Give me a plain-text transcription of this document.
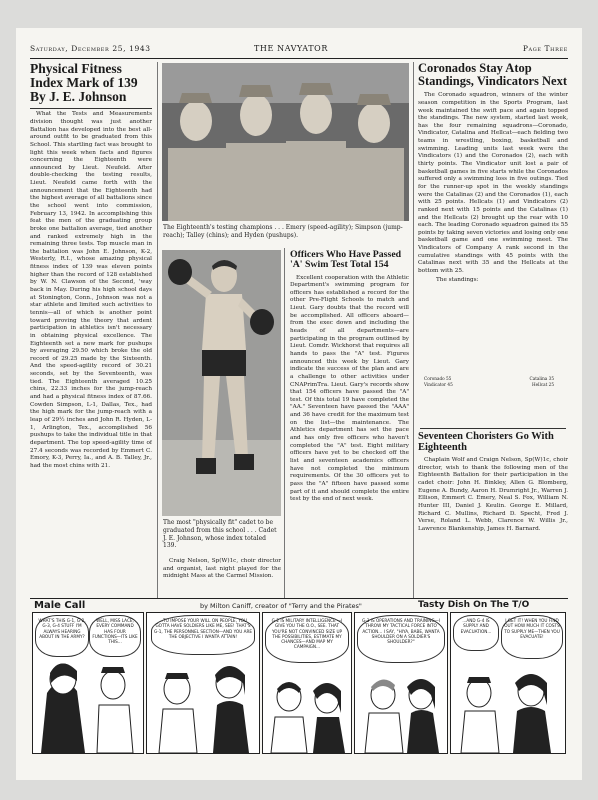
Saturday, December 25, 1943	THE NAVYATOR	Page Three
Physical Fitness Index Mark of 139 By J. E. Johnson

What the Tests and Measurements division thought was just another Battalion has developed into the best all-around outfit to be graduated from this School. This startling fact was brought to light this week when facts and figures concerning the Eighteenth were announced by Lieut. Neufeld. After double-checking the testing results, Lieut. Neufeld came forth with the announcement that the Eighteenth had the highest average of all battalions since the school went into commission, February 13, 1942. In accomplishing this feat the men of the graduating group broke one battalion average, tied another and ranked extremely high in the remaining three tests. Top muscle man in the battalion was John E. Johnson, K-2, Westerly, R.I., whose amazing physical fitness index of 139 was eleven points higher than the record of 128 established by W. N. Clawson of the Second, 'way back in May. During his high school days at Stonington, Conn., Johnson was not a star athlete and limited such activities to tennis—all of which is another point toward proving the theory that ardent participation in athletics isn't necessary in obtaining physical excellence. The Eighteenth set a new mark for pushups by averaging 29.50 which broke the old record of 29.25 made by the Sixteenth. And the speed-agility record of 30.21 seconds, set by the Seventeenth, was tied. The Eighteenth averaged 10.25 chins, 22.33 inches for the jump-reach and had a physical fitness index of 87.66. Cowden Simpson, L-1, Dallas, Tex., had the high mark for the jump-reach with a leap of 29½ inches and John R. Hyden, L-1, Arlington, Tex., accomplished 56 pushups to take the individual title in that department. The top speed-agility time of 27.4 seconds was recorded by Emmert C. Emory, K-3, Perry, Ia., and A. B. Talley, Jr., had the most chins with 21.

The Eighteenth's testing champions . . . Emery (speed-agility); Simpson (jump-reach); Talley (chins); and Hyden (pushups).
The most "physically fit" cadet to be graduated from this school . . . Cadet J. E. Johnson, whose index totaled 139.

Craig Nelson, Sp(W)1c, choir director and organist, last night played for the midnight Mass at the Carmel Mission.

Officers Who Have Passed 'A' Swim Test Total 154

Excellent cooperation with the Athletic Department's swimming program for officers has established a record for the other Pre-Flight Schools to match and Lieut. Gary doubts that the record will be accomplished. All officers aboard—from the exec down and including the heads of all departments—are participating in the program outlined by Lieut. Comdr. Wickhorst that requires all hands to pass the "A" test. Figures announced this week by Lieut. Gary indicate the success of the plan and are a challenge to other activities under CNAPrimTra. Lieut. Gary's records show that 154 officers have passed the "A" test. Of this total 19 have completed the "AA." Seventeen have passed the "AAA" and 36 have credit for the maximum test on the list—the maintenance. The Athletics department has set the pace and has only five officers who haven't completed the "A" test. Eight military officers have yet to be checked off the list and seventeen academics officers have not completed the minimum requirements. Of the 30 officers yet to pass the "A" fifteen have passed some part of it and should complete the entire test by the end of next week.

Coronados Stay Atop Standings, Vindicators Next

The Coronado squadron, winners of the winter season competition in the Sports Program, last week maintained the swift pace and again topped the standings. The new system, started last week, has the four remaining squadrons—Coronado, Vindicator, Catalina and Hellcat—each fielding two teams in wrestling, boxing, basketball and swimming. Leading units last week were the Vindicators (1) and the Coronados (2), each with thirty points. The Vindicator unit lost a pair of basketball games in five starts while the Coronados suffered only a swimming loss in five outings. Tied for the runner-up spot in the weekly standings were the Catalinas (2) and the Coronados (1), each with 25 points. Hellcats (1) and Vindicators (2) ranked next with 15 points and the Catalinas (1) and the Hellcats (2) brought up the rear with 10 each. The leading Coronado squadron gained its 55 points by taking seven victories and losing only one basketball game and one swimming meet. The Vindicators of Company A rank second in the cumulative standings with 45 points with the Catalinas next with 35 and the Hellcats at the bottom with 25.

The standings:

Coronado 55	Catalina 35
Vindicator 45	Hellcat 25
Seventeen Choristers Go With Eighteenth

Chaplain Wolf and Craign Nelson, Sp(W)1c, choir director, wish to thank the following men of the Eighteenth Battalion for their participation in the cadet choir: John H. Binkley, Allen G. Blomberg, Eugene A. Bundy, Aaron H. Drumright Jr., Warren J. Ellison, Emmert C. Emery, Neal S. Fox, William N. Hunter III, Daniel J. Keulin. George E. Millard, Richard C. Mullins, Richard D. Specht, Fred J. Verse, Roland L. Webb, Clarence W. Willis Jr., Lawrence Blankenship, James H. Barnard.

Male Call	by Milton Caniff, creator of "Terry and the Pirates"	Tasty Dish On The T/O
WHAT'S THIS G-1, G-2, G-3, G-4 STUFF I'M ALWAYS HEARING ABOUT IN THE ARMY?
WELL, MISS LACE, EVERY COMMAND HAS FOUR FUNCTIONS—ITS LIKE THIS...
...TO IMPOSE YOUR WILL ON PEOPLE, YOU GOTTA HAVE SOLDIERS LIKE ME, SEE! THAT'S G-1, THE PERSONNEL SECTION—AND YOU ARE THE OBJECTIVE I WANTA ATTAIN!
G-2 IS MILITARY INTELLIGENCE —I GIVE YOU THE O.O., SEE. THAT YOU'RE NOT CONVINCED SIZE UP THE POSSIBILITIES, ESTIMATE MY CHANCES—AND MAP MY CAMPAIGN...
G-3 IS OPERATIONS AND TRAINING—I THROW MY TACTICAL FORCE INTO ACTION... I SAY, "HIYA, BABE, WANTA SHOULDER ON A SOLDIER'S SHOULDER?"
...AND G-4 IS SUPPLY AND EVACUATION...
I GET IT! WHEN YOU FIND OUT HOW MUCH IT COSTS TO SUPPLY ME—THEN YOU EVACUATE!
